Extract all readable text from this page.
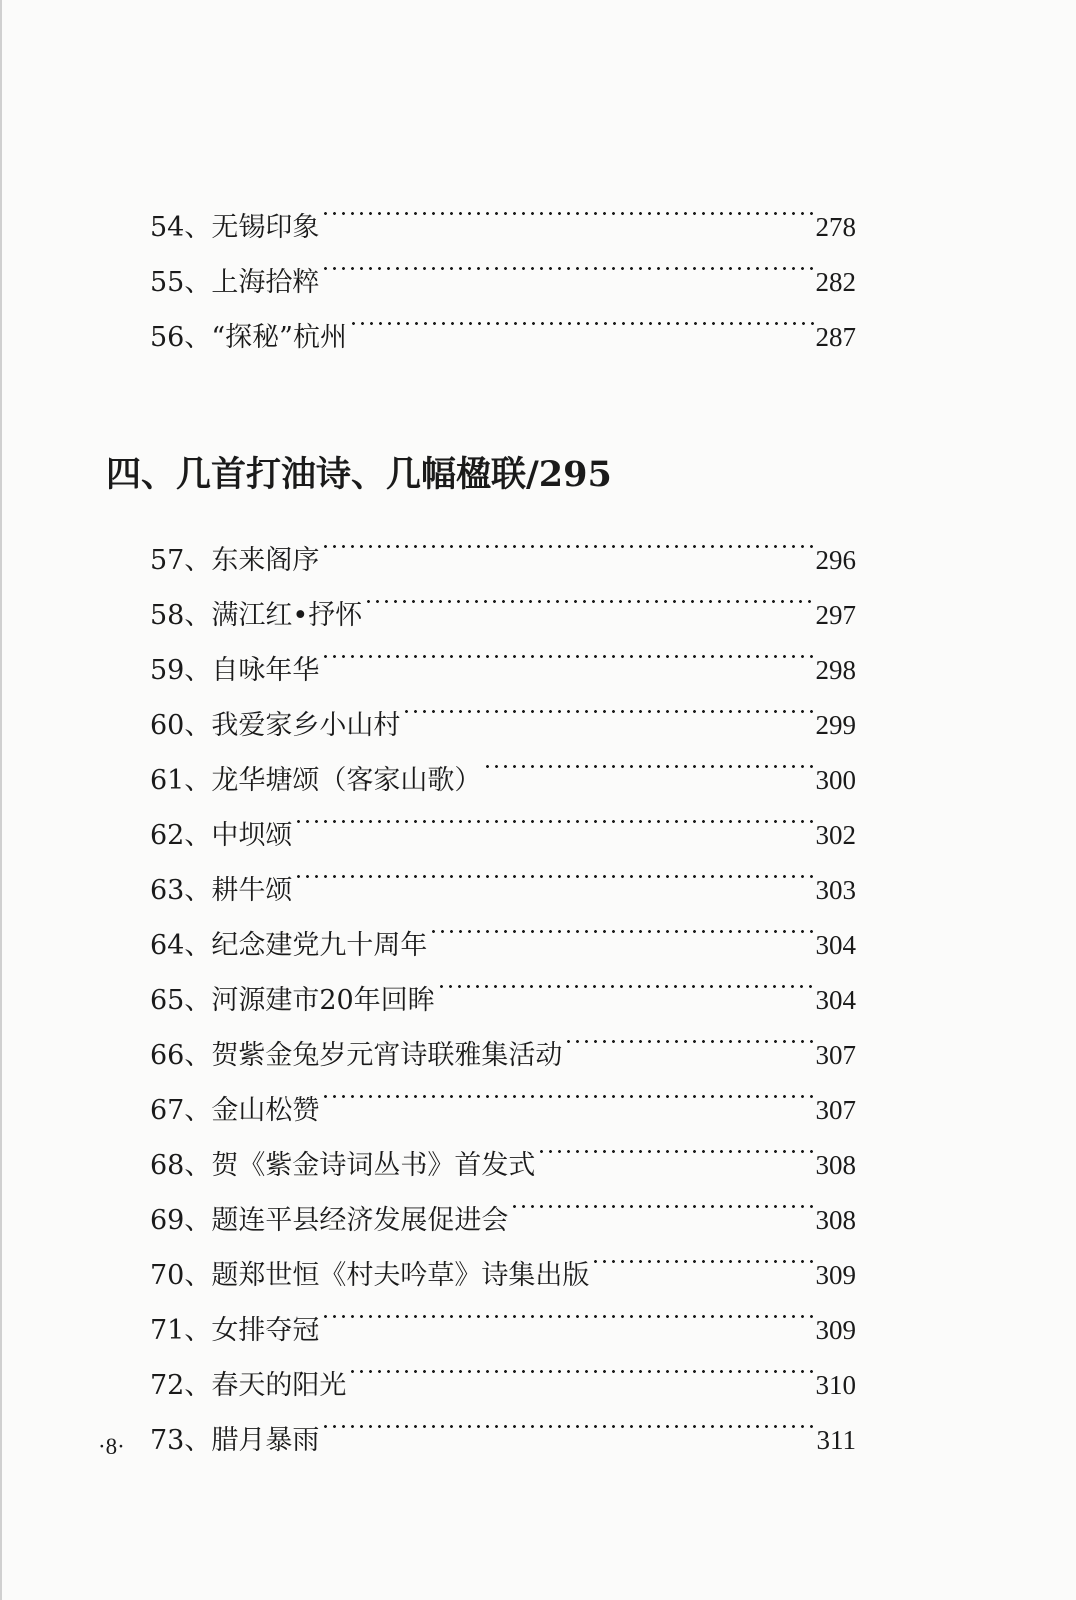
54、 无锡印象	278
55、 上海拾粹	282
56、 “探秘”杭州	287
四、几首打油诗、几幅楹联/295
57、 东来阁序	296
58、 满江红•抒怀	297
59、 自咏年华	298
60、 我爱家乡小山村	299
61、 龙华塘颂（客家山歌）	300
62、 中坝颂	302
63、 耕牛颂	303
64、 纪念建党九十周年	304
65、 河源建市20年回眸	304
66、 贺紫金兔岁元宵诗联雅集活动	307
67、 金山松赞	307
68、 贺《紫金诗词丛书》首发式	308
69、 题连平县经济发展促进会	308
70、 题郑世恒《村夫吟草》诗集出版	309
71、 女排夺冠	309
72、 春天的阳光	310
73、 腊月暴雨	311
·8·
